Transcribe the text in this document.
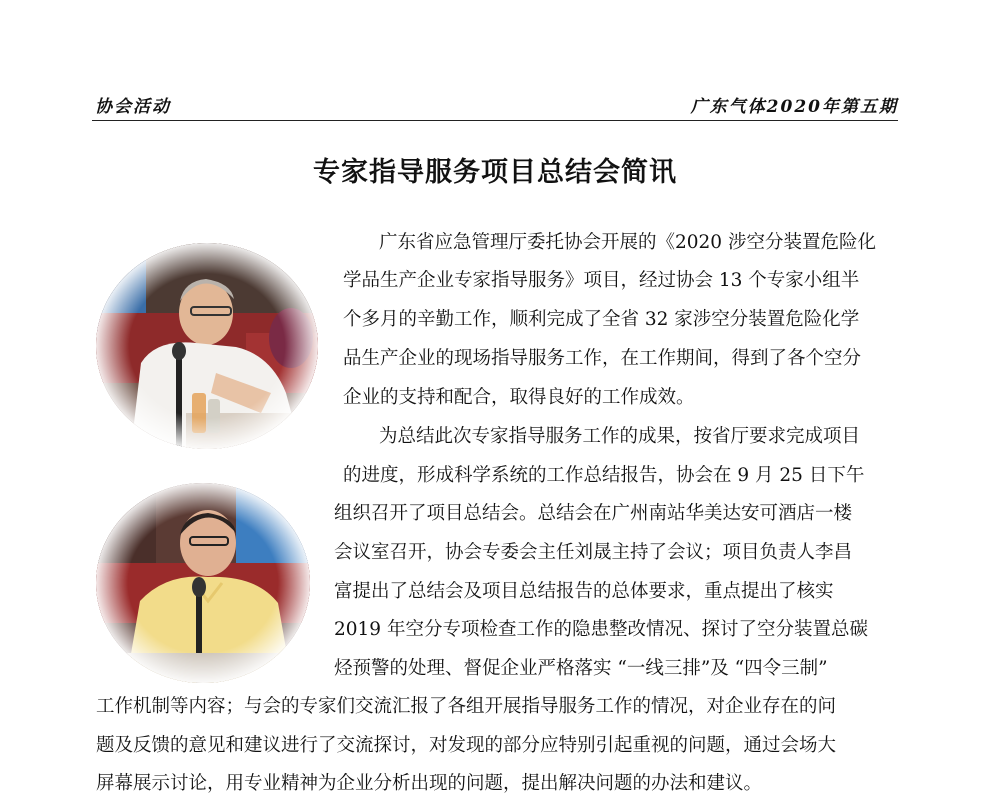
协会活动	广东气体2020年第五期
专家指导服务项目总结会简讯
广东省应急管理厅委托协会开展的《2020 涉空分装置危险化
学品生产企业专家指导服务》项目，经过协会 13 个专家小组半
个多月的辛勤工作，顺利完成了全省 32 家涉空分装置危险化学
品生产企业的现场指导服务工作，在工作期间，得到了各个空分
企业的支持和配合，取得良好的工作成效。
为总结此次专家指导服务工作的成果，按省厅要求完成项目
的进度，形成科学系统的工作总结报告，协会在 9 月 25 日下午
组织召开了项目总结会。总结会在广州南站华美达安可酒店一楼
会议室召开，协会专委会主任刘晟主持了会议；项目负责人李昌
富提出了总结会及项目总结报告的总体要求，重点提出了核实
2019 年空分专项检查工作的隐患整改情况、探讨了空分装置总碳
烃预警的处理、督促企业严格落实 “一线三排”及 “四令三制”
工作机制等内容；与会的专家们交流汇报了各组开展指导服务工作的情况，对企业存在的问
题及反馈的意见和建议进行了交流探讨，对发现的部分应特别引起重视的问题，通过会场大
屏幕展示讨论，用专业精神为企业分析出现的问题，提出解决问题的办法和建议。
